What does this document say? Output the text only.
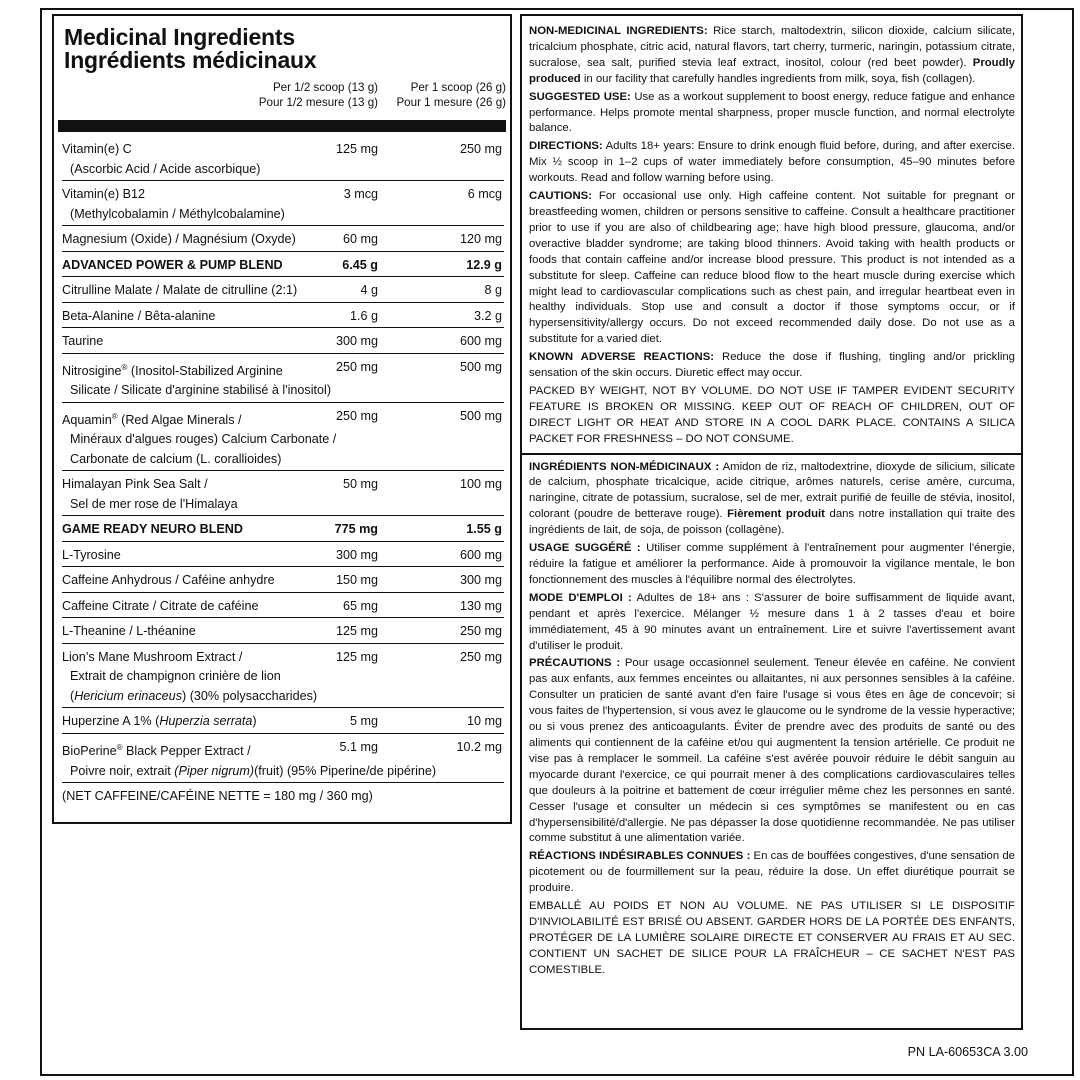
Medicinal Ingredients
Ingrédients médicinaux
Per 1/2 scoop (13 g)
Pour 1/2 mesure (13 g)
Per 1 scoop (26 g)
Pour 1 mesure (26 g)
Vitamin(e) C
(Ascorbic Acid / Acide ascorbique)
125 mg	250 mg
Vitamin(e) B12
(Methylcobalamin / Méthylcobalamine)
3 mcg	6 mcg
Magnesium (Oxide) / Magnésium (Oxyde)	60 mg	120 mg
ADVANCED POWER & PUMP BLEND	6.45 g	12.9 g
Citrulline Malate / Malate de citrulline (2:1)	4 g	8 g
Beta-Alanine / Bêta-alanine	1.6 g	3.2 g
Taurine	300 mg	600 mg
Nitrosigine® (Inositol-Stabilized Arginine
Silicate / Silicate d'arginine stabilisé à l'inositol)
250 mg	500 mg
Aquamin® (Red Algae Minerals /
Minéraux d'algues rouges) Calcium Carbonate /
Carbonate de calcium (L. corallioides)
250 mg	500 mg
Himalayan Pink Sea Salt /
Sel de mer rose de l'Himalaya
50 mg	100 mg
GAME READY NEURO BLEND	775 mg	1.55 g
L-Tyrosine	300 mg	600 mg
Caffeine Anhydrous / Caféine anhydre	150 mg	300 mg
Caffeine Citrate / Citrate de caféine	65 mg	130 mg
L-Theanine / L-théanine	125 mg	250 mg
Lion’s Mane Mushroom Extract /
Extrait de champignon crinière de lion
(Hericium erinaceus) (30% polysaccharides)
125 mg	250 mg
Huperzine A 1% (Huperzia serrata)	5 mg	10 mg
BioPerine® Black Pepper Extract /
Poivre noir, extrait (Piper nigrum)(fruit) (95% Piperine/de pipérine)
5.1 mg	10.2 mg
(NET CAFFEINE/CAFÉINE NETTE = 180 mg / 360 mg)

NON-MEDICINAL INGREDIENTS: Rice starch, maltodextrin, silicon dioxide, calcium silicate, tricalcium phosphate, citric acid, natural flavors, tart cherry, turmeric, naringin, potassium citrate, sucralose, sea salt, purified stevia leaf extract, inositol, colour (red beet powder). Proudly produced in our facility that carefully handles ingredients from milk, soya, fish (collagen).

SUGGESTED USE: Use as a workout supplement to boost energy, reduce fatigue and enhance performance. Helps promote mental sharpness, proper muscle function, and normal electrolyte balance.

DIRECTIONS: Adults 18+ years: Ensure to drink enough fluid before, during, and after exercise. Mix ½ scoop in 1–2 cups of water immediately before consumption, 45–90 minutes before workouts. Read and follow warning before using.

CAUTIONS: For occasional use only. High caffeine content. Not suitable for pregnant or breastfeeding women, children or persons sensitive to caffeine. Consult a healthcare practitioner prior to use if you are also of childbearing age; have high blood pressure, glaucoma, and/or overactive bladder syndrome; are taking blood thinners. Avoid taking with health products or foods that contain caffeine and/or increase blood pressure. This product is not intended as a substitute for sleep. Caffeine can reduce blood flow to the heart muscle during exercise which might lead to cardiovascular complications such as chest pain, and irregular heartbeat even in healthy individuals. Stop use and consult a doctor if those symptoms occur, or if hypersensitivity/allergy occurs. Do not exceed recommended daily dose. Do not use as a substitute for a varied diet.

KNOWN ADVERSE REACTIONS: Reduce the dose if flushing, tingling and/or prickling sensation of the skin occurs. Diuretic effect may occur.

PACKED BY WEIGHT, NOT BY VOLUME. DO NOT USE IF TAMPER EVIDENT SECURITY FEATURE IS BROKEN OR MISSING. KEEP OUT OF REACH OF CHILDREN, OUT OF DIRECT LIGHT OR HEAT AND STORE IN A COOL DARK PLACE. CONTAINS A SILICA PACKET FOR FRESHNESS – DO NOT CONSUME.

INGRÉDIENTS NON-MÉDICINAUX : Amidon de riz, maltodextrine, dioxyde de silicium, silicate de calcium, phosphate tricalcique, acide citrique, arômes naturels, cerise amère, curcuma, naringine, citrate de potassium, sucralose, sel de mer, extrait purifié de feuille de stévia, inositol, colorant (poudre de betterave rouge). Fièrement produit dans notre installation qui traite des ingrédients de lait, de soja, de poisson (collagène).

USAGE SUGGÉRÉ : Utiliser comme supplément à l'entraînement pour augmenter l'énergie, réduire la fatigue et améliorer la performance. Aide à promouvoir la vigilance mentale, le bon fonctionnement des muscles à l'équilibre normal des électrolytes.

MODE D'EMPLOI : Adultes de 18+ ans : S'assurer de boire suffisamment de liquide avant, pendant et après l'exercice. Mélanger ½ mesure dans 1 à 2 tasses d'eau et boire immédiatement, 45 à 90 minutes avant un entraînement. Lire et suivre l'avertissement avant d'utiliser le produit.

PRÉCAUTIONS : Pour usage occasionnel seulement. Teneur élevée en caféine. Ne convient pas aux enfants, aux femmes enceintes ou allaitantes, ni aux personnes sensibles à la caféine. Consulter un praticien de santé avant d'en faire l'usage si vous êtes en âge de concevoir; si vous faites de l'hypertension, si vous avez le glaucome ou le syndrome de la vessie hyperactive; ou si vous prenez des anticoagulants. Éviter de prendre avec des produits de santé ou des aliments qui contiennent de la caféine et/ou qui augmentent la tension artérielle. Ce produit ne vise pas à remplacer le sommeil. La caféine s'est avérée pouvoir réduire le débit sanguin au myocarde durant l'exercice, ce qui pourrait mener à des complications cardiovasculaires telles que douleurs à la poitrine et battement de cœur irrégulier même chez les personnes en santé. Cesser l'usage et consulter un médecin si ces symptômes se manifestent ou en cas d'hypersensibilité/d'allergie. Ne pas dépasser la dose quotidienne recommandée. Ne pas utiliser comme substitut à une alimentation variée.

RÉACTIONS INDÉSIRABLES CONNUES : En cas de bouffées congestives, d'une sensation de picotement ou de fourmillement sur la peau, réduire la dose. Un effet diurétique pourrait se produire.

EMBALLÉ AU POIDS ET NON AU VOLUME. NE PAS UTILISER SI LE DISPOSITIF D'INVIOLABILITÉ EST BRISÉ OU ABSENT. GARDER HORS DE LA PORTÉE DES ENFANTS, PROTÉGER DE LA LUMIÈRE SOLAIRE DIRECTE ET CONSERVER AU FRAIS ET AU SEC. CONTIENT UN SACHET DE SILICE POUR LA FRAÎCHEUR – CE SACHET N'EST PAS COMESTIBLE.

PN LA-60653CA 3.00
